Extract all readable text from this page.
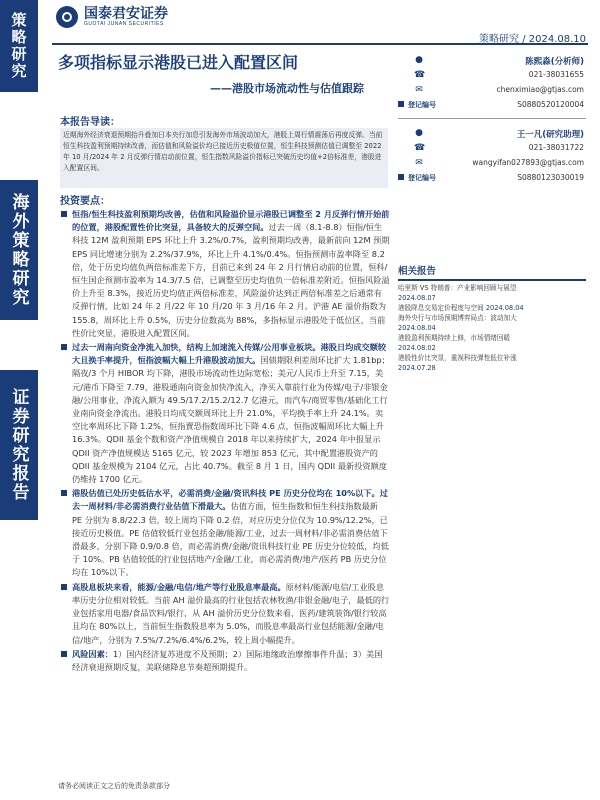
策略研究
海外策略研究
证券研究报告
国泰君安证券
GUOTAI JUNAN SECURITIES
策略研究 / 2024.08.10
多项指标显示港股已进入配置区间
——港股市场流动性与估值跟踪
本报告导读：
近期海外经济衰退预期抬升叠加日本央行加息引发海外市场波动加大，港股上周行情震荡后再度反弹。当前恒生科技盈利预期持续改善，而估值和风险溢价均已接近历史极值位置，恒生科技预测估值已调整至 2022 年 10 月/2024 年 2 月反弹行情启动前位置，恒生指数风险溢价指标已突破历史均值+2倍标准差，港股进入配置区间。
投资要点：
恒指/恒生科技盈利预期均改善，估值和风险溢价显示港股已调整至 2 月反弹行情开始前的位置，港股配置性价比突显，具备较大的反弹空间。过去一周（8.1-8.8）恒指/恒生科技 12M 盈利预期 EPS 环比上升 3.2%/0.7%，盈利预期均改善，最新前向 12M 预期 EPS 同比增速分别为 2.2%/37.9%，环比上升 4.1%/0.4%。恒指预测市盈率降至 8.2 倍，处于历史均值负两倍标准差下方，目前已来到 24 年 2 月行情启动前的位置，恒科/恒生国企预测市盈率为 14.3/7.5 倍，已调整至历史均值负一倍标准差附近。恒指风险溢价上升至 8.3%，接近历史均值正两倍标准差，风险溢价达到正两倍标准差之后通常有反弹行情，比如 24 年 2 月/22 年 10 月/20 年 3 月/16 年 2 月。沪港 AE 溢价指数为 155.8，周环比上升 0.5%，历史分位数高为 88%，多指标显示港股处于低位区，当前性价比突显，港股进入配置区间。
过去一周南向资金净流入加快，结构上加速流入传媒/公用事业板块。港股日均成交额较大且换手率提升，恒指波幅大幅上升港股波动加大。国债期限利差周环比扩大 1.81bp；隔夜/3 个月 HIBOR 均下降，港股市场流动性边际宽松；美元/人民币上升至 7.15，美元/港币下降至 7.79，港股通南向资金加快净流入，净买入靠前行业为传媒/电子/非银金融/公用事业，净流入额为 49.5/17.2/15.2/12.7 亿港元，而汽车/商贸零售/基础化工行业南向资金净流出。港股日均成交额周环比上升 21.0%，平均换手率上升 24.1%。卖空比率周环比下降 1.2%，恒指賣恐指数周环比下降 4.6 点，恒指波幅周环比大幅上升 16.3%。QDII 基金个数和资产净值规模自 2018 年以来持续扩大，2024 年中报显示 QDII 资产净值规模达 5165 亿元，较 2023 年增加 853 亿元，其中配置港股资产的 QDII 基金规模为 2104 亿元，占比 40.7%。截至 8 月 1 日，国内 QDII 最新投资额度仍维持 1700 亿元。
港股估值已处历史低估水平，必需消费/金融/资讯科技 PE 历史分位均在 10%以下。过去一周材料/非必需消费行业估值下滑最大。估值方面，恒生指数和恒生科技指数最新 PE 分别为 8.8/22.3 倍，较上周均下降 0.2 倍，对应历史分位仅为 10.9%/12.2%，已接近历史极值。PE 估值较低行业包括金融/能源/工业，过去一周材料/非必需消费估值下滑最多，分别下降 0.9/0.8 倍，而必需消费/金融/资讯科技行业 PE 历史分位较低，均低于 10%。PB 估值较低的行业包括地产/金融/工业，而必需消费/地产/医药 PB 历史分位均在 10%以下。
高股息板块来看，能源/金融/电信/地产等行业股息率最高。原材料/能源/电信/工业股息率历史分位相对较低。当前 AH 溢价最高的行业包括农林牧渔/非银金融/电子，最低的行业包括家用电器/食品饮料/银行，从 AH 溢价历史分位数来看，医药/建筑装饰/银行较高且均在 80%以上，当前恒生指数股息率为 5.0%，而股息率最高行业包括能源/金融/电信/地产，分别为 7.5%/7.2%/6.4%/6.2%，较上周小幅提升。
风险因素：1）国内经济复苏进度不及预期；2）国际地缘政治摩擦事件升温；3）美国经济衰退预期反复，美联储降息节奏超预期提升。
●	陈熙淼(分析师)
☎	021-38031655
✉	chenximiao@gtjas.com
登记编号	S0880520120004
●	王一凡(研究助理)
☎	021-38031722
✉	wangyifan027893@gtjas.com
登记编号	S0880123030019
相关报告
哈里斯 VS 特朗普：产业影响回顾与展望
2024.08.07
港股降息交易定价程度与空间 2024.08.04
海外央行与市场预期博弈局点：波动加大
2024.08.04
港股盈利预期持续上修，市场情绪回暖
2024.08.02
港股性价比突显，重视科技弹性低位补涨
2024.07.28
请务必阅读正文之后的免责条款部分
